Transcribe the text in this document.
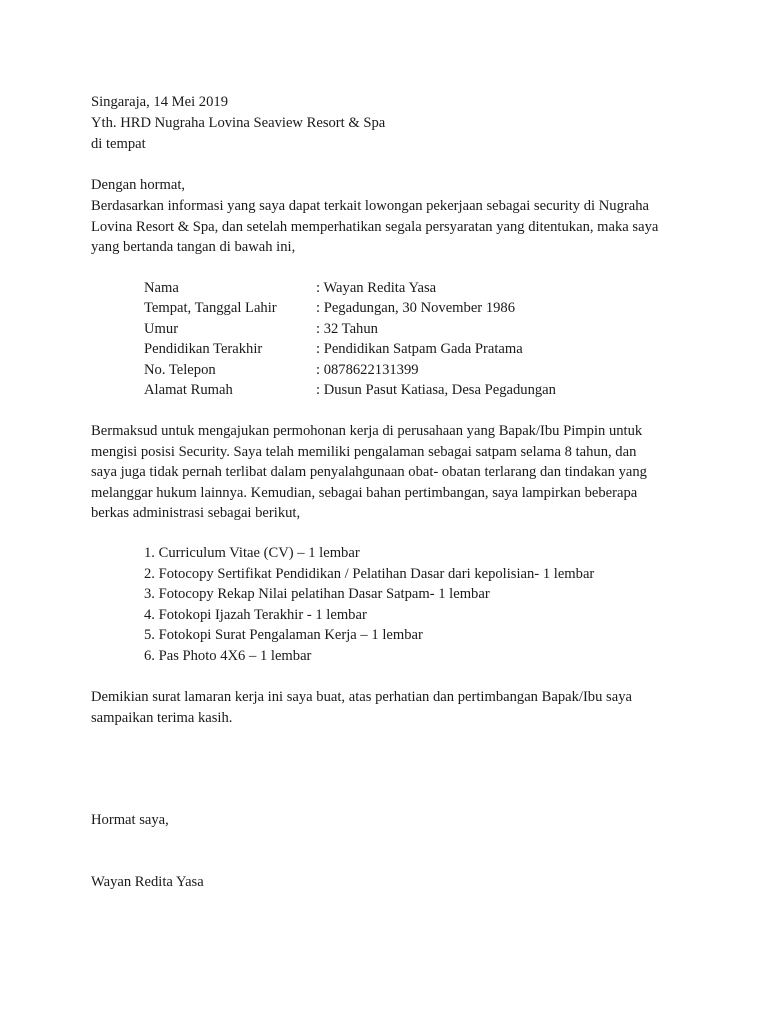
Singaraja, 14 Mei 2019
Yth. HRD Nugraha Lovina Seaview Resort & Spa
di tempat
Dengan hormat,
Berdasarkan informasi yang saya dapat terkait lowongan pekerjaan sebagai security di Nugraha
Lovina Resort & Spa, dan setelah memperhatikan segala persyaratan yang ditentukan, maka saya
yang bertanda tangan di bawah ini,
Nama	: Wayan Redita Yasa
Tempat, Tanggal Lahir	: Pegadungan, 30 November 1986
Umur	: 32 Tahun
Pendidikan Terakhir	: Pendidikan Satpam Gada Pratama
No. Telepon	: 0878622131399
Alamat Rumah	: Dusun Pasut Katiasa, Desa Pegadungan
Bermaksud untuk mengajukan permohonan kerja di perusahaan yang Bapak/Ibu Pimpin untuk
mengisi posisi Security. Saya telah memiliki pengalaman sebagai satpam selama 8 tahun, dan
saya juga tidak pernah terlibat dalam penyalahgunaan obat- obatan terlarang dan tindakan yang
melanggar hukum lainnya. Kemudian, sebagai bahan pertimbangan, saya lampirkan beberapa
berkas administrasi sebagai berikut,
1. Curriculum Vitae (CV) – 1 lembar
2. Fotocopy Sertifikat Pendidikan / Pelatihan Dasar dari kepolisian- 1 lembar
3. Fotocopy Rekap Nilai pelatihan Dasar Satpam- 1 lembar
4. Fotokopi Ijazah Terakhir - 1 lembar
5. Fotokopi Surat Pengalaman Kerja – 1 lembar
6. Pas Photo 4X6 – 1 lembar
Demikian surat lamaran kerja ini saya buat, atas perhatian dan pertimbangan Bapak/Ibu saya
sampaikan terima kasih.
Hormat saya,
Wayan Redita Yasa
